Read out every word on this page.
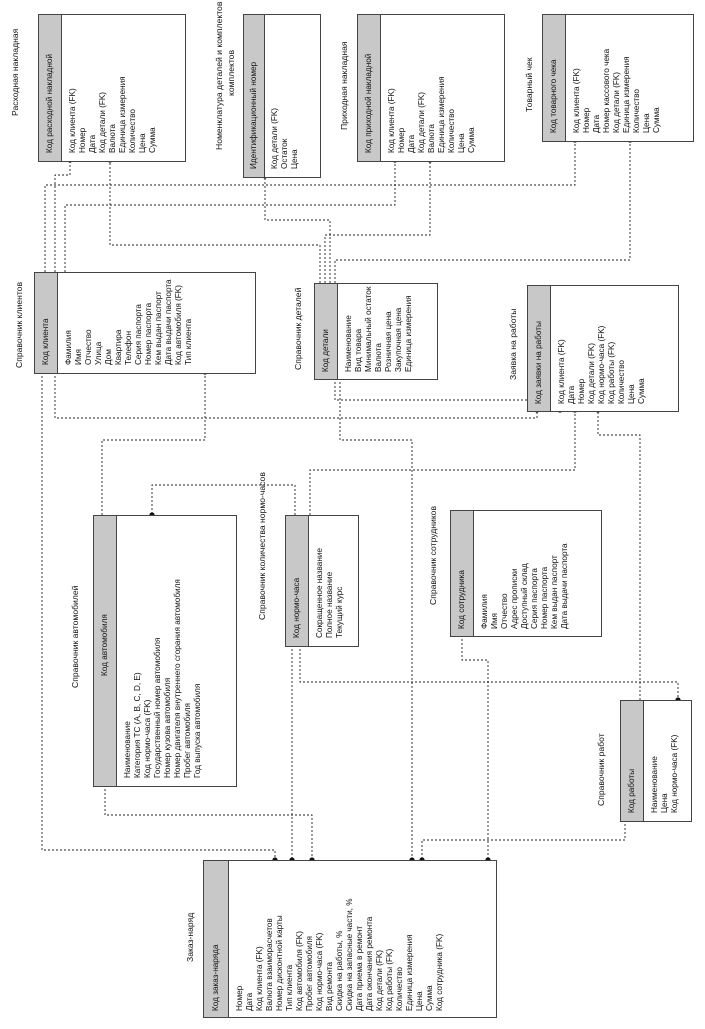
Расходная накладная	Код расходной накладной Код клиента (FK) Номер Дата Код детали (FK) Валюта Единица измерения Количество Цена Сумма	Номенклатура деталей и комплектов комплектов Идентификационный номер Код детали (FK) Остаток Цена
Приходная накладная Код приходной накладной Код клиента (FK) Номер Дата Код детали (FK) Валюта Единица измерения Количество Цена Сумма
Товарный чек Код товарного чека Код клиента (FK) Номер Дата Номер кассового чека Код детали (FK) Единица измерения Количество Цена Сумма
Справочник клиентов Код клиента Фамилия Имя Отчество Улица Дом Квартира Телефон Серия паспорта Номер паспорта Кем выдан паспорт Дата выдачи паспорта Код автомобиля (FK) Тип клиента	Справочник деталей Код детали Наименование Вид товара Минимальный остаток Валюта Розничная цена Закупочная цена Единица измерения	Заявка на работы Код заявки на работы Код клиента (FK) Дата Номер Код детали (FK) Код нормо-часа (FK) Код работы (FK) Количество Цена Сумма
Справочник автомобилей Код автомобиля
Наименование Категория ТС (A, B, C, D, E) Код нормо-часа (FK) Государственный номер автомобиля Номер кузова автомобиля Номер двигателя внутреннего сгорания автомобиля Пробег автомобиля Год выпуска автомобиля
Справочник количества нормо-часов	Код нормо-часа Сокращенное название Полное название Текущий курс
Справочник сотрудников Код сотрудника Фамилия Имя Отчество Адрес прописки Доступный склад Серия паспорта Номер паспорта Кем выдан паспорт Дата выдачи паспорта
Справочник работ	Код работы Наименование Цена Код нормо-часа (FK)
Заказ-наряд
Код заказ-наряда Номер Дата Код клиента (FK) Валюта взаиморасчетов Номер дисконтной карты Тип клиента Код автомобиля (FK) Пробег автомобиля Код нормо-часа (FK) Вид ремонта Скидка на работы, % Скидка на запасные части, % Дата приема в ремонт Дата окончания ремонта Код детали (FK) Код работы (FK) Количество Единица измерения Цена Сумма Код сотрудника (FK)
